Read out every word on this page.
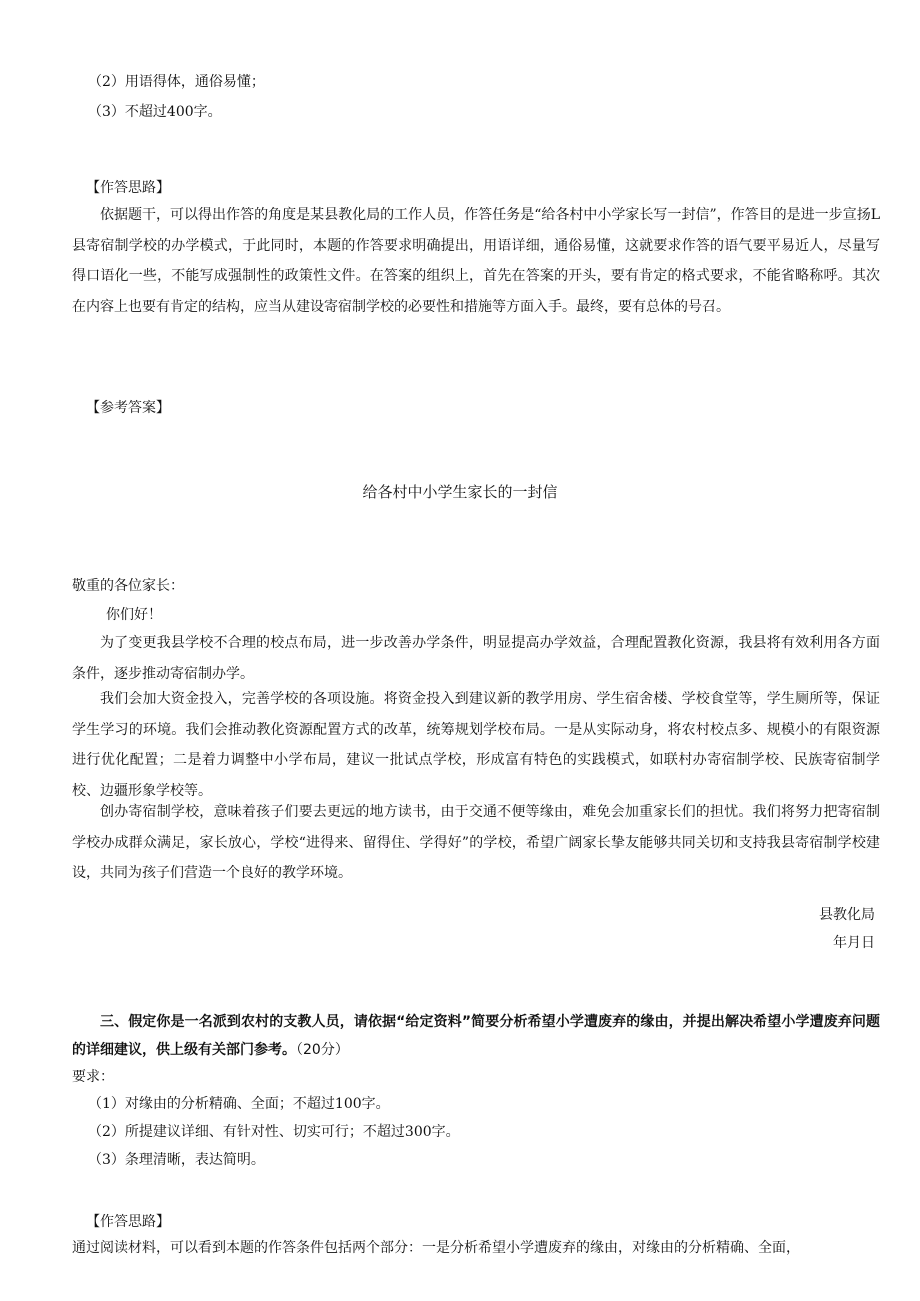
（2）用语得体，通俗易懂；
（3）不超过400字。
【作答思路】

依据题干，可以得出作答的角度是某县教化局的工作人员，作答任务是“给各村中小学家长写一封信”，作答目的是进一步宣扬L县寄宿制学校的办学模式，于此同时，本题的作答要求明确提出，用语详细，通俗易懂，这就要求作答的语气要平易近人，尽量写得口语化一些，不能写成强制性的政策性文件。在答案的组织上，首先在答案的开头，要有肯定的格式要求，不能省略称呼。其次在内容上也要有肯定的结构，应当从建设寄宿制学校的必要性和措施等方面入手。最终，要有总体的号召。

【参考答案】
给各村中小学生家长的一封信
敬重的各位家长：
你们好！

为了变更我县学校不合理的校点布局，进一步改善办学条件，明显提高办学效益，合理配置教化资源，我县将有效利用各方面条件，逐步推动寄宿制办学。

我们会加大资金投入，完善学校的各项设施。将资金投入到建议新的教学用房、学生宿舍楼、学校食堂等，学生厕所等，保证学生学习的环境。我们会推动教化资源配置方式的改革，统筹规划学校布局。一是从实际动身，将农村校点多、规模小的有限资源进行优化配置；二是着力调整中小学布局，建议一批试点学校，形成富有特色的实践模式，如联村办寄宿制学校、民族寄宿制学校、边疆形象学校等。

创办寄宿制学校，意味着孩子们要去更远的地方读书，由于交通不便等缘由，难免会加重家长们的担忧。我们将努力把寄宿制学校办成群众满足，家长放心，学校“进得来、留得住、学得好”的学校，希望广阔家长挚友能够共同关切和支持我县寄宿制学校建设，共同为孩子们营造一个良好的教学环境。

县教化局
年月日

三、假定你是一名派到农村的支教人员，请依据“给定资料”简要分析希望小学遭废弃的缘由，并提出解决希望小学遭废弃问题的详细建议，供上级有关部门参考。（20分）

要求：
（1）对缘由的分析精确、全面；不超过100字。
（2）所提建议详细、有针对性、切实可行；不超过300字。
（3）条理清晰，表达简明。
【作答思路】
通过阅读材料，可以看到本题的作答条件包括两个部分：一是分析希望小学遭废弃的缘由，对缘由的分析精确、全面，
